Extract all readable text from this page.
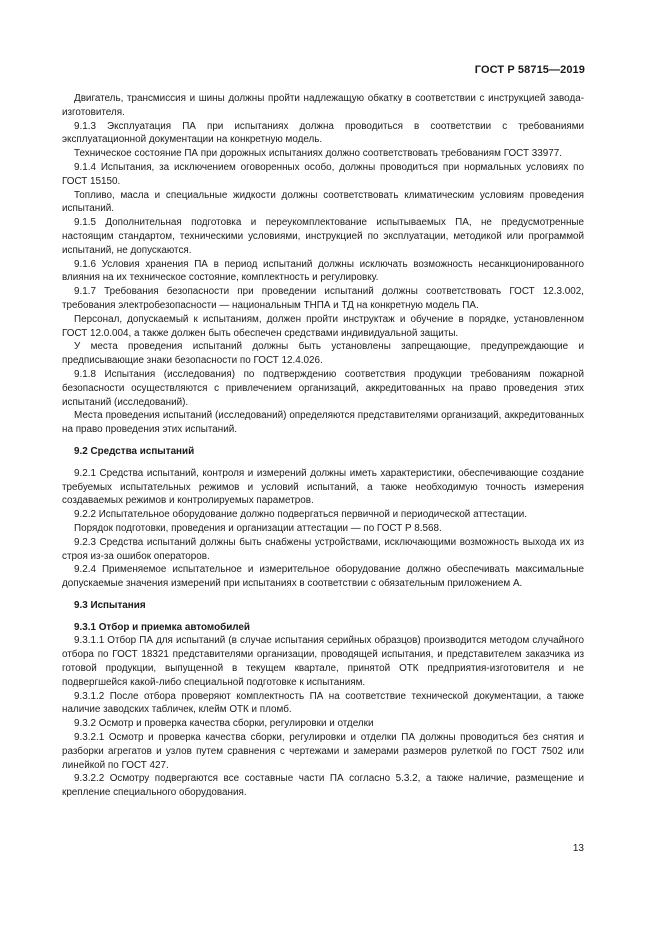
ГОСТ Р 58715—2019

Двигатель, трансмиссия и шины должны пройти надлежащую обкатку в соответствии с инструкцией завода-изготовителя.

9.1.3 Эксплуатация ПА при испытаниях должна проводиться в соответствии с требованиями эксплуатационной документации на конкретную модель.

Техническое состояние ПА при дорожных испытаниях должно соответствовать требованиям ГОСТ 33977.

9.1.4 Испытания, за исключением оговоренных особо, должны проводиться при нормальных условиях по ГОСТ 15150.

Топливо, масла и специальные жидкости должны соответствовать климатическим условиям проведения испытаний.

9.1.5 Дополнительная подготовка и переукомплектование испытываемых ПА, не предусмотренные настоящим стандартом, техническими условиями, инструкцией по эксплуатации, методикой или программой испытаний, не допускаются.

9.1.6 Условия хранения ПА в период испытаний должны исключать возможность несанкционированного влияния на их техническое состояние, комплектность и регулировку.

9.1.7 Требования безопасности при проведении испытаний должны соответствовать ГОСТ 12.3.002, требования электробезопасности — национальным ТНПА и ТД на конкретную модель ПА.

Персонал, допускаемый к испытаниям, должен пройти инструктаж и обучение в порядке, установленном ГОСТ 12.0.004, а также должен быть обеспечен средствами индивидуальной защиты.

У места проведения испытаний должны быть установлены запрещающие, предупреждающие и предписывающие знаки безопасности по ГОСТ 12.4.026.

9.1.8 Испытания (исследования) по подтверждению соответствия продукции требованиям пожарной безопасности осуществляются с привлечением организаций, аккредитованных на право проведения этих испытаний (исследований).

Места проведения испытаний (исследований) определяются представителями организаций, аккредитованных на право проведения этих испытаний.

9.2 Средства испытаний

9.2.1 Средства испытаний, контроля и измерений должны иметь характеристики, обеспечивающие создание требуемых испытательных режимов и условий испытаний, а также необходимую точность измерения создаваемых режимов и контролируемых параметров.

9.2.2 Испытательное оборудование должно подвергаться первичной и периодической аттестации.

Порядок подготовки, проведения и организации аттестации — по ГОСТ Р 8.568.

9.2.3 Средства испытаний должны быть снабжены устройствами, исключающими возможность выхода их из строя из-за ошибок операторов.

9.2.4 Применяемое испытательное и измерительное оборудование должно обеспечивать максимальные допускаемые значения измерений при испытаниях в соответствии с обязательным приложением А.

9.3 Испытания

9.3.1 Отбор и приемка автомобилей

9.3.1.1 Отбор ПА для испытаний (в случае испытания серийных образцов) производится методом случайного отбора по ГОСТ 18321 представителями организации, проводящей испытания, и представителем заказчика из готовой продукции, выпущенной в текущем квартале, принятой ОТК предприятия-изготовителя и не подвергшейся какой-либо специальной подготовке к испытаниям.

9.3.1.2 После отбора проверяют комплектность ПА на соответствие технической документации, а также наличие заводских табличек, клейм ОТК и пломб.

9.3.2 Осмотр и проверка качества сборки, регулировки и отделки

9.3.2.1 Осмотр и проверка качества сборки, регулировки и отделки ПА должны проводиться без снятия и разборки агрегатов и узлов путем сравнения с чертежами и замерами размеров рулеткой по ГОСТ 7502 или линейкой по ГОСТ 427.

9.3.2.2 Осмотру подвергаются все составные части ПА согласно 5.3.2, а также наличие, размещение и крепление специального оборудования.

13
